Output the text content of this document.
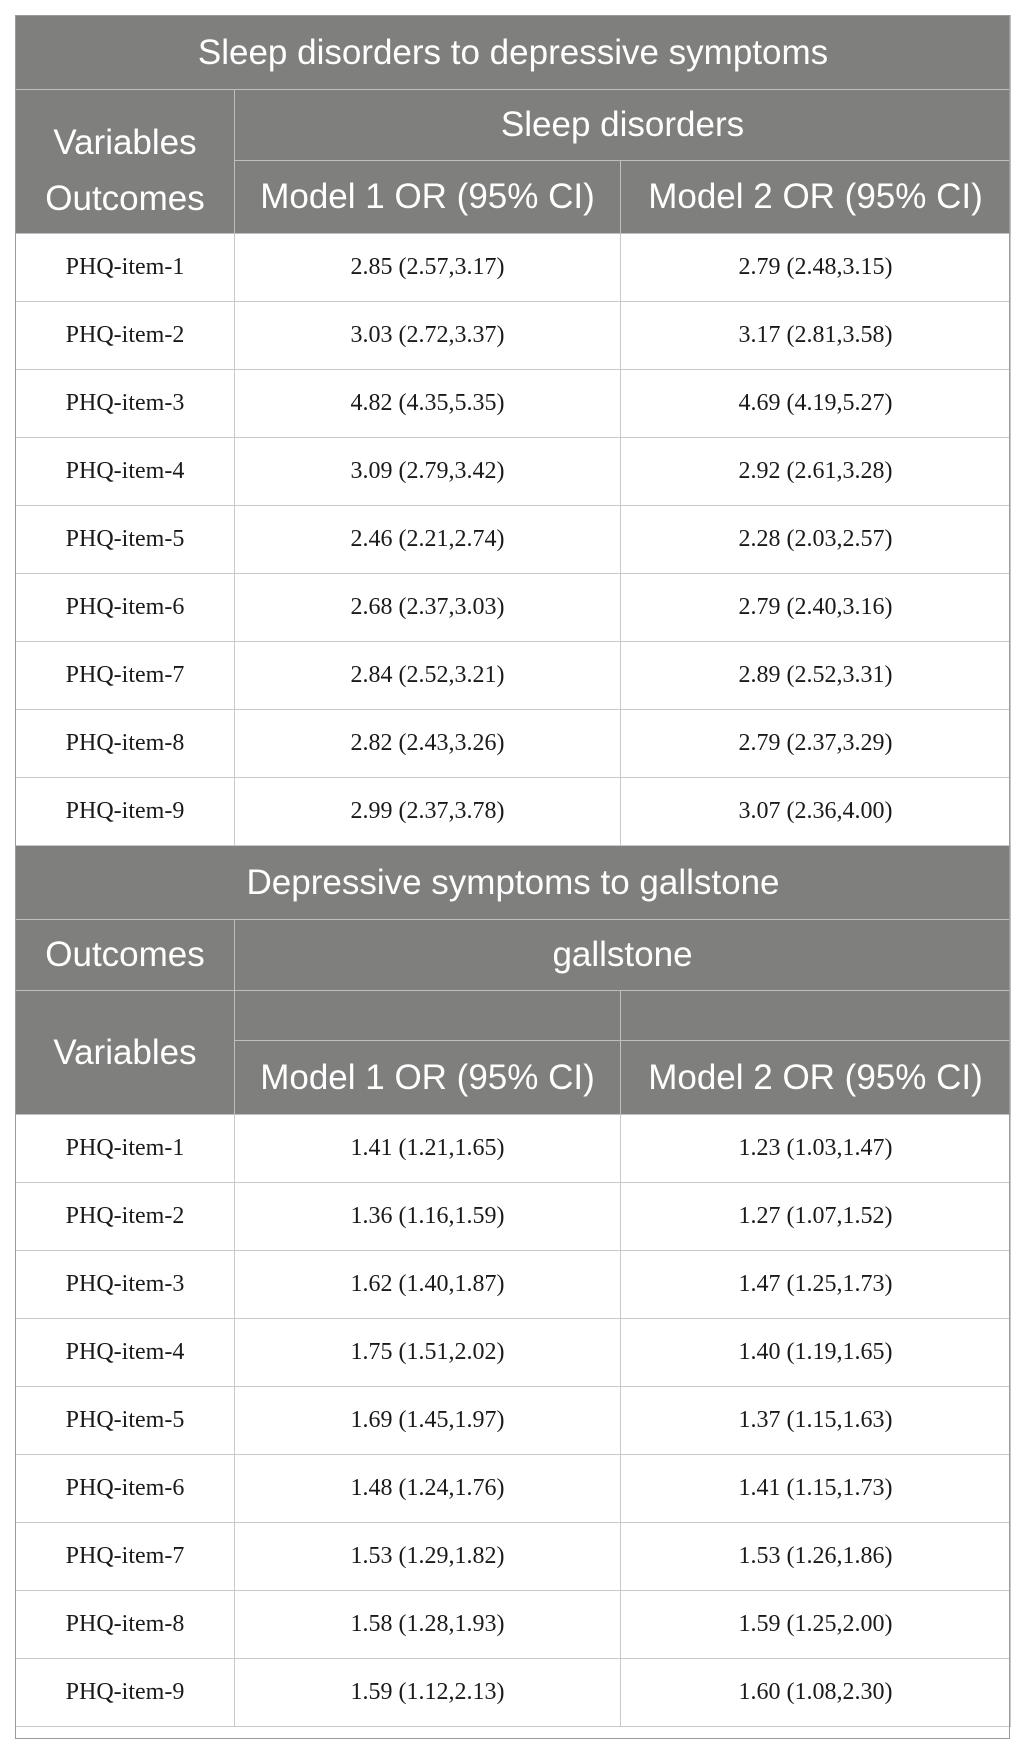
Sleep disorders to depressive symptoms		

Variables
Outcomes	Sleep disorders	
	Model 1 OR (95% CI)	Model 2 OR (95% CI)
PHQ-item-1	2.85 (2.57,3.17)	2.79 (2.48,3.15)
PHQ-item-2	3.03 (2.72,3.37)	3.17 (2.81,3.58)
PHQ-item-3	4.82 (4.35,5.35)	4.69 (4.19,5.27)
PHQ-item-4	3.09 (2.79,3.42)	2.92 (2.61,3.28)
PHQ-item-5	2.46 (2.21,2.74)	2.28 (2.03,2.57)
PHQ-item-6	2.68 (2.37,3.03)	2.79 (2.40,3.16)
PHQ-item-7	2.84 (2.52,3.21)	2.89 (2.52,3.31)
PHQ-item-8	2.82 (2.43,3.26)	2.79 (2.37,3.29)
PHQ-item-9	2.99 (2.37,3.78)	3.07 (2.36,4.00)
Depressive symptoms to gallstone		
Outcomes	gallstone	
Variables		
	Model 1 OR (95% CI)	Model 2 OR (95% CI)
PHQ-item-1	1.41 (1.21,1.65)	1.23 (1.03,1.47)
PHQ-item-2	1.36 (1.16,1.59)	1.27 (1.07,1.52)
PHQ-item-3	1.62 (1.40,1.87)	1.47 (1.25,1.73)
PHQ-item-4	1.75 (1.51,2.02)	1.40 (1.19,1.65)
PHQ-item-5	1.69 (1.45,1.97)	1.37 (1.15,1.63)
PHQ-item-6	1.48 (1.24,1.76)	1.41 (1.15,1.73)
PHQ-item-7	1.53 (1.29,1.82)	1.53 (1.26,1.86)
PHQ-item-8	1.58 (1.28,1.93)	1.59 (1.25,2.00)
PHQ-item-9	1.59 (1.12,2.13)	1.60 (1.08,2.30)
